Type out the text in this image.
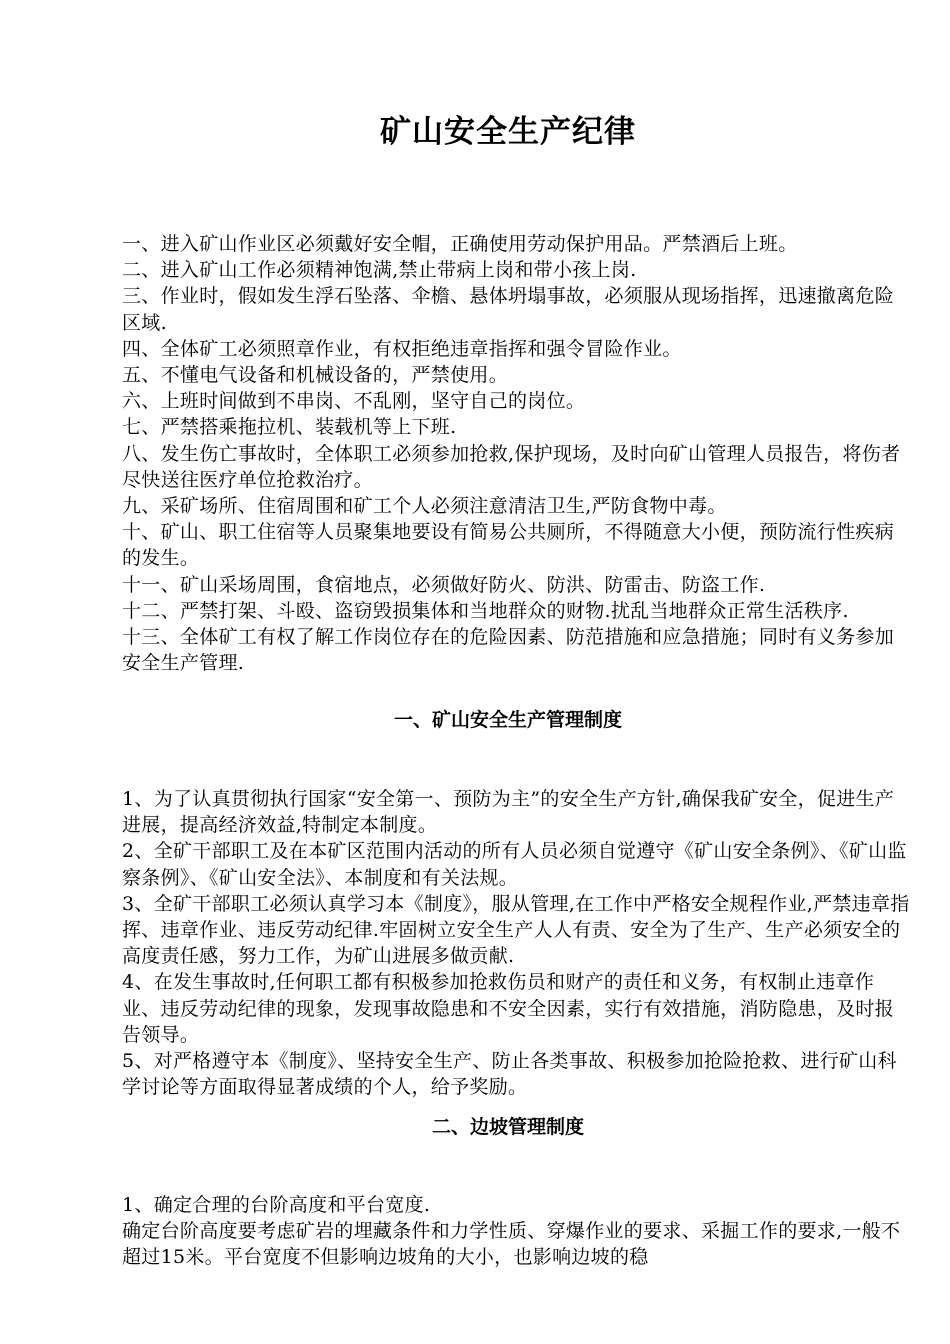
矿山安全生产纪律

一、进入矿山作业区必须戴好安全帽，正确使用劳动保护用品。严禁酒后上班。

二、进入矿山工作必须精神饱满,禁止带病上岗和带小孩上岗.

三、作业时，假如发生浮石坠落、伞檐、悬体坍塌事故，必须服从现场指挥，迅速撤离危险区域.

四、全体矿工必须照章作业，有权拒绝违章指挥和强令冒险作业。

五、不懂电气设备和机械设备的，严禁使用。

六、上班时间做到不串岗、不乱刚，坚守自己的岗位。

七、严禁搭乘拖拉机、装载机等上下班.

八、发生伤亡事故时，全体职工必须参加抢救,保护现场，及时向矿山管理人员报告，将伤者尽快送往医疗单位抢救治疗。

九、采矿场所、住宿周围和矿工个人必须注意清洁卫生,严防食物中毒。

十、矿山、职工住宿等人员聚集地要设有简易公共厕所，不得随意大小便，预防流行性疾病的发生。

十一、矿山采场周围，食宿地点，必须做好防火、防洪、防雷击、防盗工作.

十二、严禁打架、斗殴、盗窃毁损集体和当地群众的财物.扰乱当地群众正常生活秩序.

十三、全体矿工有权了解工作岗位存在的危险因素、防范措施和应急措施；同时有义务参加安全生产管理.

一、矿山安全生产管理制度

1、为了认真贯彻执行国家“安全第一、预防为主”的安全生产方针,确保我矿安全，促进生产进展，提高经济效益,特制定本制度。

2、全矿干部职工及在本矿区范围内活动的所有人员必须自觉遵守《矿山安全条例》、《矿山监察条例》、《矿山安全法》、本制度和有关法规。

3、全矿干部职工必须认真学习本《制度》，服从管理,在工作中严格安全规程作业,严禁违章指挥、违章作业、违反劳动纪律.牢固树立安全生产人人有责、安全为了生产、生产必须安全的高度责任感，努力工作，为矿山进展多做贡献.

4、在发生事故时,任何职工都有积极参加抢救伤员和财产的责任和义务，有权制止违章作业、违反劳动纪律的现象，发现事故隐患和不安全因素，实行有效措施，消防隐患，及时报告领导。

5、对严格遵守本《制度》、坚持安全生产、防止各类事故、积极参加抢险抢救、进行矿山科学讨论等方面取得显著成绩的个人，给予奖励。

二、边坡管理制度

1、确定合理的台阶高度和平台宽度.

确定台阶高度要考虑矿岩的埋藏条件和力学性质、穿爆作业的要求、采掘工作的要求,一般不超过15米。平台宽度不但影响边坡角的大小，也影响边坡的稳
